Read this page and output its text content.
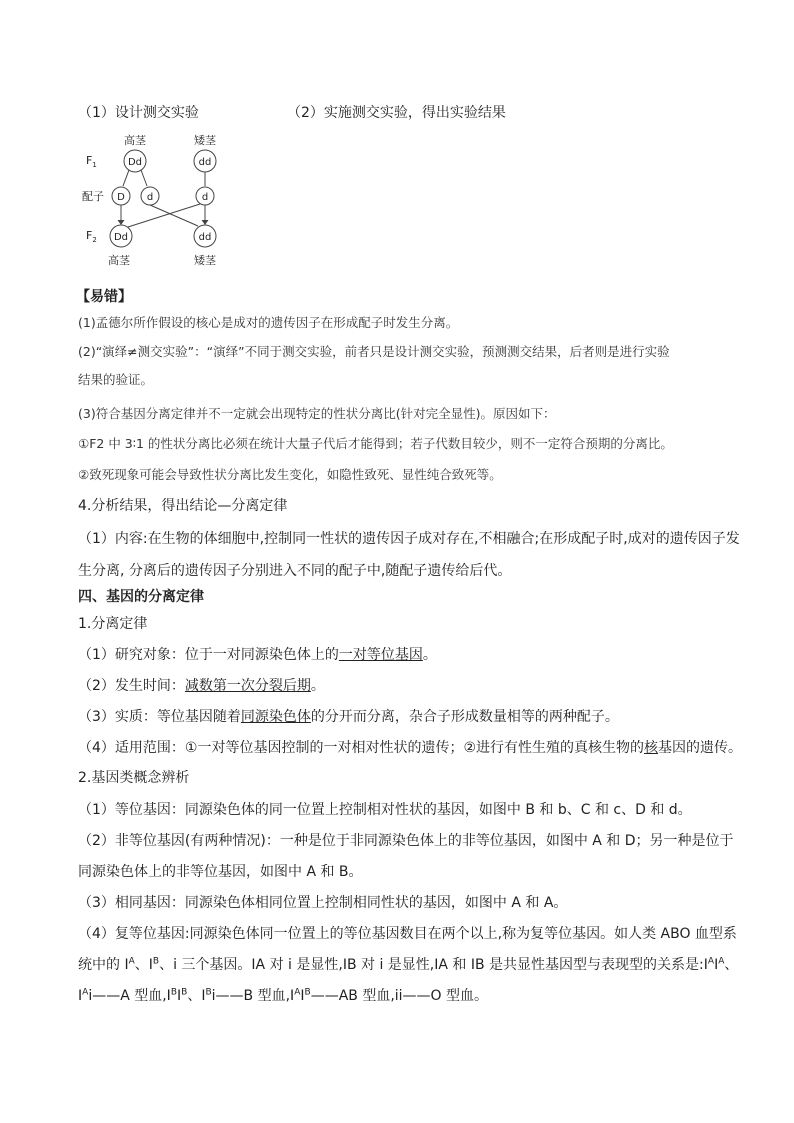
（1）设计测交实验	（2）实施测交实验，得出实验结果
高茎	矮茎
$F_1$
配子
$F_2$
Dd	dd
D d	d
Dd	dd
高茎	矮茎
【易错】
(1)孟德尔所作假设的核心是成对的遗传因子在形成配子时发生分离。
(2)“演绎≠测交实验”：“演绎”不同于测交实验，前者只是设计测交实验，预测测交结果，后者则是进行实验
结果的验证。
(3)符合基因分离定律并不一定就会出现特定的性状分离比(针对完全显性)。原因如下：
①F2 中 3∶1 的性状分离比必须在统计大量子代后才能得到；若子代数目较少，则不一定符合预期的分离比。
②致死现象可能会导致性状分离比发生变化，如隐性致死、显性纯合致死等。
4.分析结果，得出结论—分离定律
（1）内容:在生物的体细胞中,控制同一性状的遗传因子成对存在,不相融合;在形成配子时,成对的遗传因子发
生分离, 分离后的遗传因子分别进入不同的配子中,随配子遗传给后代。
四、基因的分离定律
1.分离定律
（1）研究对象：位于一对同源染色体上的一对等位基因。
（2）发生时间：减数第一次分裂后期。
（3）实质：等位基因随着同源染色体的分开而分离，杂合子形成数量相等的两种配子。
（4）适用范围：①一对等位基因控制的一对相对性状的遗传；②进行有性生殖的真核生物的核基因的遗传。
2.基因类概念辨析
（1）等位基因：同源染色体的同一位置上控制相对性状的基因，如图中 B 和 b、C 和 c、D 和 d。
（2）非等位基因(有两种情况)：一种是位于非同源染色体上的非等位基因，如图中 A 和 D；另一种是位于
同源染色体上的非等位基因，如图中 A 和 B。
（3）相同基因：同源染色体相同位置上控制相同性状的基因，如图中 A 和 A。
（4）复等位基因:同源染色体同一位置上的等位基因数目在两个以上,称为复等位基因。如人类 ABO 血型系
统中的 $I^A$、$I^B$、i 三个基因。IA 对 i 是显性,IB 对 i 是显性,IA 和 IB 是共显性基因型与表现型的关系是$:I^AI^A$、
$I^Ai——A$ 型血$,I^BI^B$、$I^Bi——B$ 型血$,I^AI^B——AB$ 型血,ii——O 型血。
